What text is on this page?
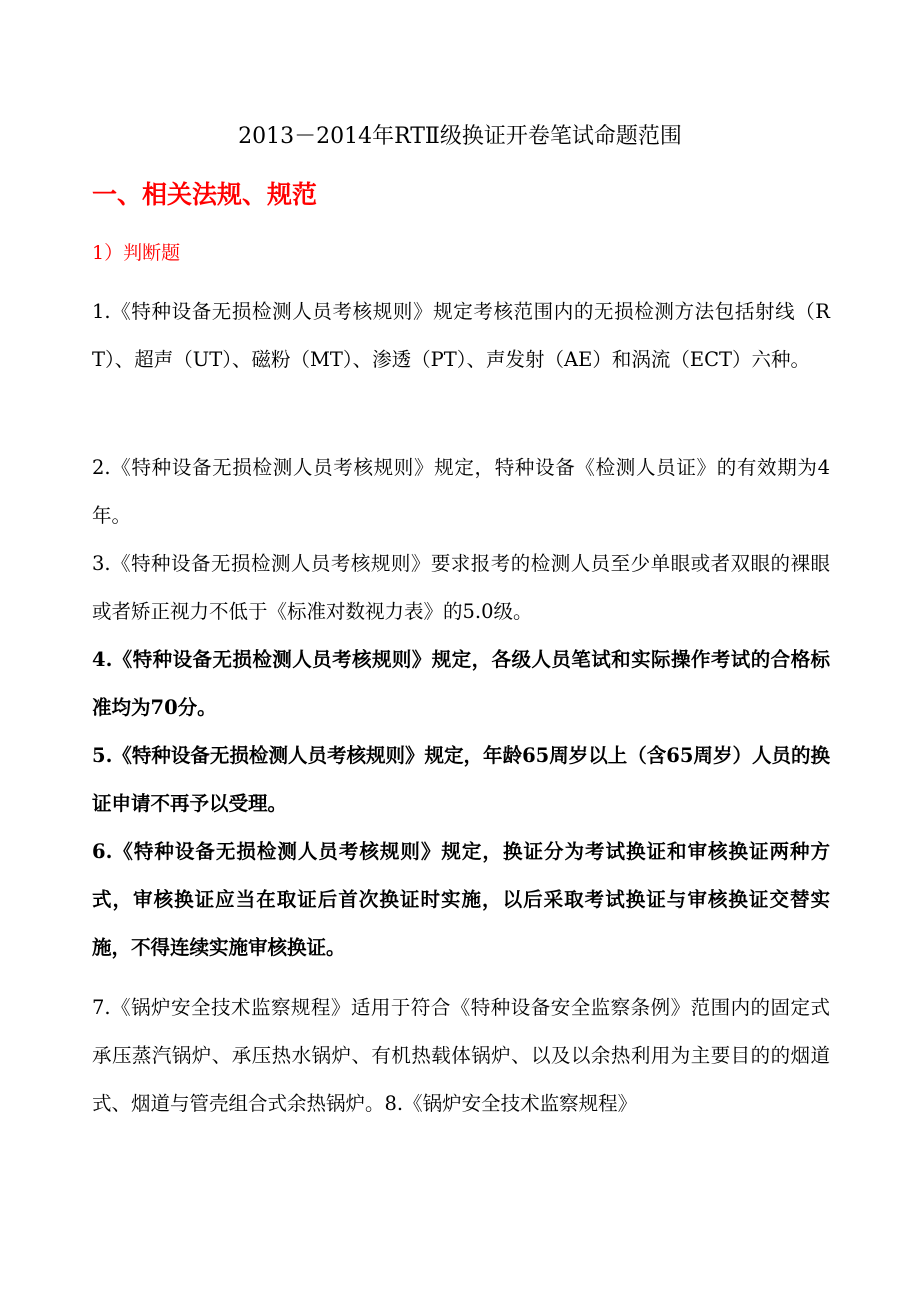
2013－2014年RTⅡ级换证开卷笔试命题范围
一、相关法规、规范
1）判断题
1.《特种设备无损检测人员考核规则》规定考核范围内的无损检测方法包括射线（RT）、超声（UT）、磁粉（MT）、渗透（PT）、声发射（AE）和涡流（ECT）六种。
2.《特种设备无损检测人员考核规则》规定，特种设备《检测人员证》的有效期为4年。
3.《特种设备无损检测人员考核规则》要求报考的检测人员至少单眼或者双眼的裸眼或者矫正视力不低于《标准对数视力表》的5.0级。
4.《特种设备无损检测人员考核规则》规定，各级人员笔试和实际操作考试的合格标准均为70分。
5.《特种设备无损检测人员考核规则》规定，年龄65周岁以上（含65周岁）人员的换证申请不再予以受理。
6.《特种设备无损检测人员考核规则》规定，换证分为考试换证和审核换证两种方式，审核换证应当在取证后首次换证时实施，以后采取考试换证与审核换证交替实施，不得连续实施审核换证。
7.《锅炉安全技术监察规程》适用于符合《特种设备安全监察条例》范围内的固定式承压蒸汽锅炉、承压热水锅炉、有机热载体锅炉、以及以余热利用为主要目的的烟道式、烟道与管壳组合式余热锅炉。8.《锅炉安全技术监察规程》
